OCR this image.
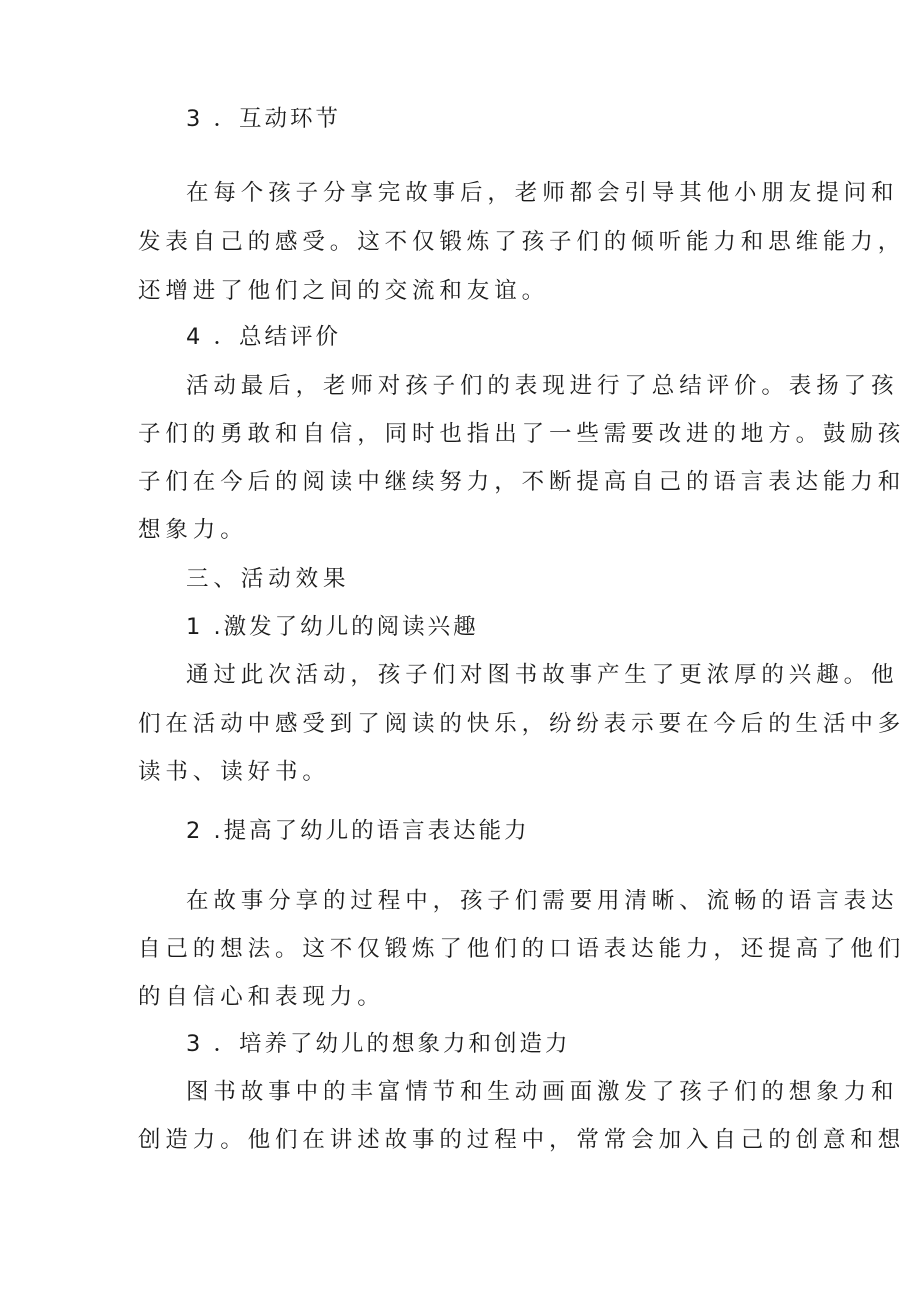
3 ．互动环节
在每个孩子分享完故事后，老师都会引导其他小朋友提问和
发表自己的感受。这不仅锻炼了孩子们的倾听能力和思维能力，
还增进了他们之间的交流和友谊。
4 ．总结评价
活动最后，老师对孩子们的表现进行了总结评价。表扬了孩
子们的勇敢和自信，同时也指出了一些需要改进的地方。鼓励孩
子们在今后的阅读中继续努力，不断提高自己的语言表达能力和
想象力。
三、活动效果
1 .激发了幼儿的阅读兴趣
通过此次活动，孩子们对图书故事产生了更浓厚的兴趣。他
们在活动中感受到了阅读的快乐，纷纷表示要在今后的生活中多
读书、读好书。
2 .提高了幼儿的语言表达能力
在故事分享的过程中，孩子们需要用清晰、流畅的语言表达
自己的想法。这不仅锻炼了他们的口语表达能力，还提高了他们
的自信心和表现力。
3 ．培养了幼儿的想象力和创造力
图书故事中的丰富情节和生动画面激发了孩子们的想象力和
创造力。他们在讲述故事的过程中，常常会加入自己的创意和想
